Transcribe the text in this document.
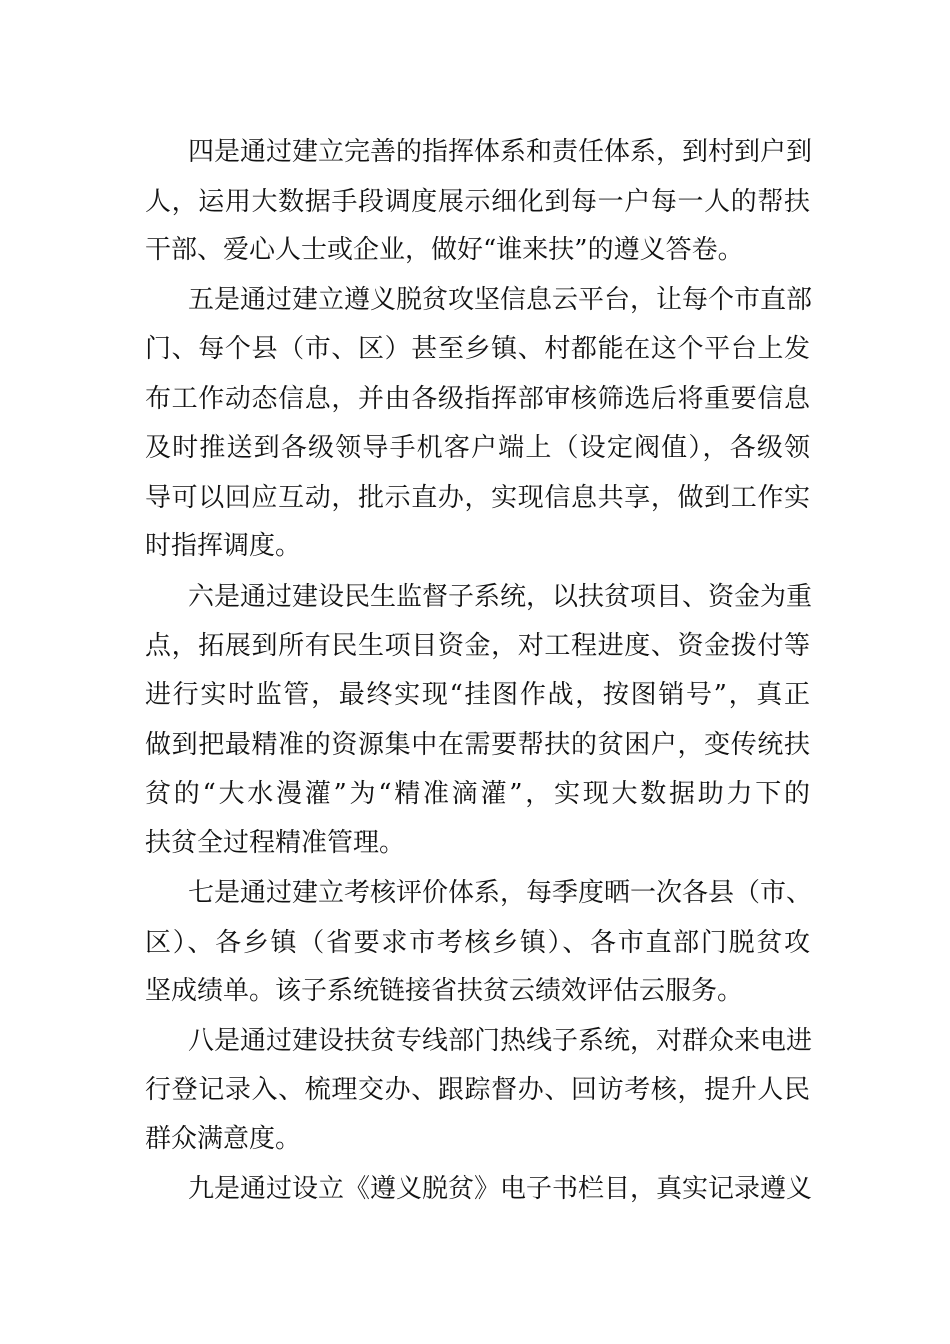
四是通过建立完善的指挥体系和责任体系，到村到户到

人，运用大数据手段调度展示细化到每一户每一人的帮扶

干部、爱心人士或企业，做好“谁来扶”的遵义答卷。

五是通过建立遵义脱贫攻坚信息云平台，让每个市直部

门、每个县（市、区）甚至乡镇、村都能在这个平台上发

布工作动态信息，并由各级指挥部审核筛选后将重要信息

及时推送到各级领导手机客户端上（设定阀值），各级领

导可以回应互动，批示直办，实现信息共享，做到工作实

时指挥调度。

六是通过建设民生监督子系统，以扶贫项目、资金为重

点，拓展到所有民生项目资金，对工程进度、资金拨付等

进行实时监管，最终实现“挂图作战，按图销号”，真正

做到把最精准的资源集中在需要帮扶的贫困户，变传统扶

贫的“大水漫灌”为“精准滴灌”，实现大数据助力下的

扶贫全过程精准管理。

七是通过建立考核评价体系，每季度晒一次各县（市、

区）、各乡镇（省要求市考核乡镇）、各市直部门脱贫攻

坚成绩单。该子系统链接省扶贫云绩效评估云服务。

八是通过建设扶贫专线部门热线子系统，对群众来电进

行登记录入、梳理交办、跟踪督办、回访考核，提升人民

群众满意度。

九是通过设立《遵义脱贫》电子书栏目，真实记录遵义
